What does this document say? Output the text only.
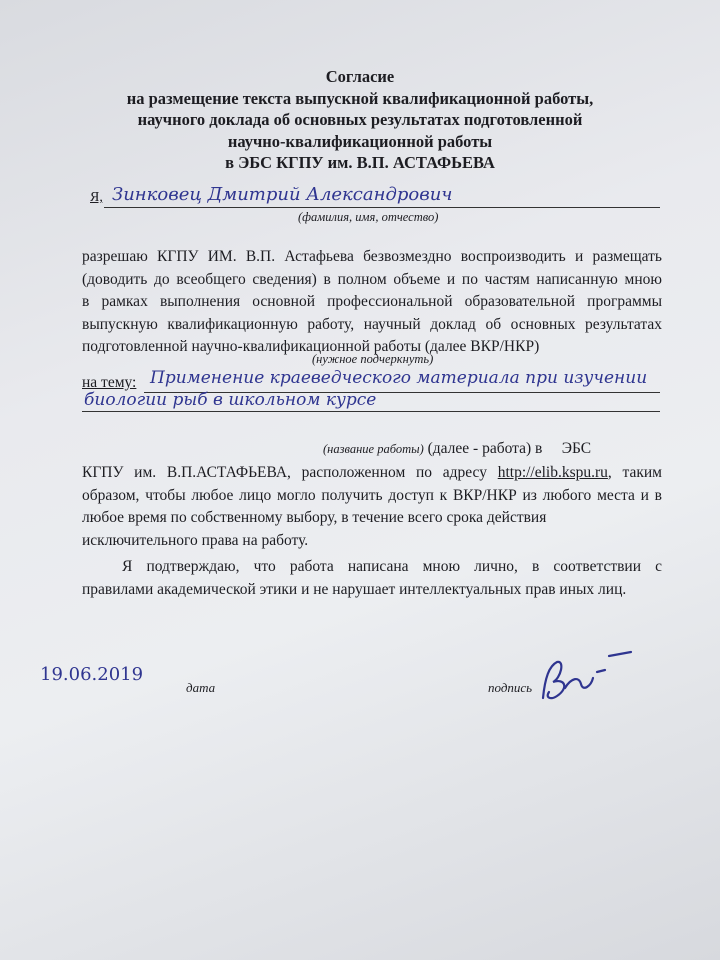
Согласие
на размещение текста выпускной квалификационной работы,
научного доклада об основных результатах подготовленной
научно-квалификационной работы
в ЭБС КГПУ им. В.П. АСТАФЬЕВА
Я, Зинковец Дмитрий Александрович
(фамилия, имя, отчество)

разрешаю КГПУ ИМ. В.П. Астафьева безвозмездно воспроизводить и размещать

(доводить до всеобщего сведения) в полном объеме и по частям написанную мною

в рамках выполнения основной профессиональной образовательной программы

выпускную квалификационную работу, научный доклад об основных результатах

подготовленной научно-квалификационной работы (далее ВКР/НКР)

(нужное подчеркнуть)
на тему: Применение краеведческого материала при изучении
биологии рыб в школьном курсе
(название работы) (далее - работа) в     ЭБС

КГПУ им. В.П.АСТАФЬЕВА, расположенном по адресу http://elib.kspu.ru, таким

образом, чтобы любое лицо могло получить доступ к ВКР/НКР из любого места и в

любое время по собственному выбору, в течение всего срока действия

исключительного права на работу.

Я подтверждаю, что работа написана мною лично, в соответствии с

правилами академической этики и не нарушает интеллектуальных прав иных лиц.

19.06.2019
дата	подпись
